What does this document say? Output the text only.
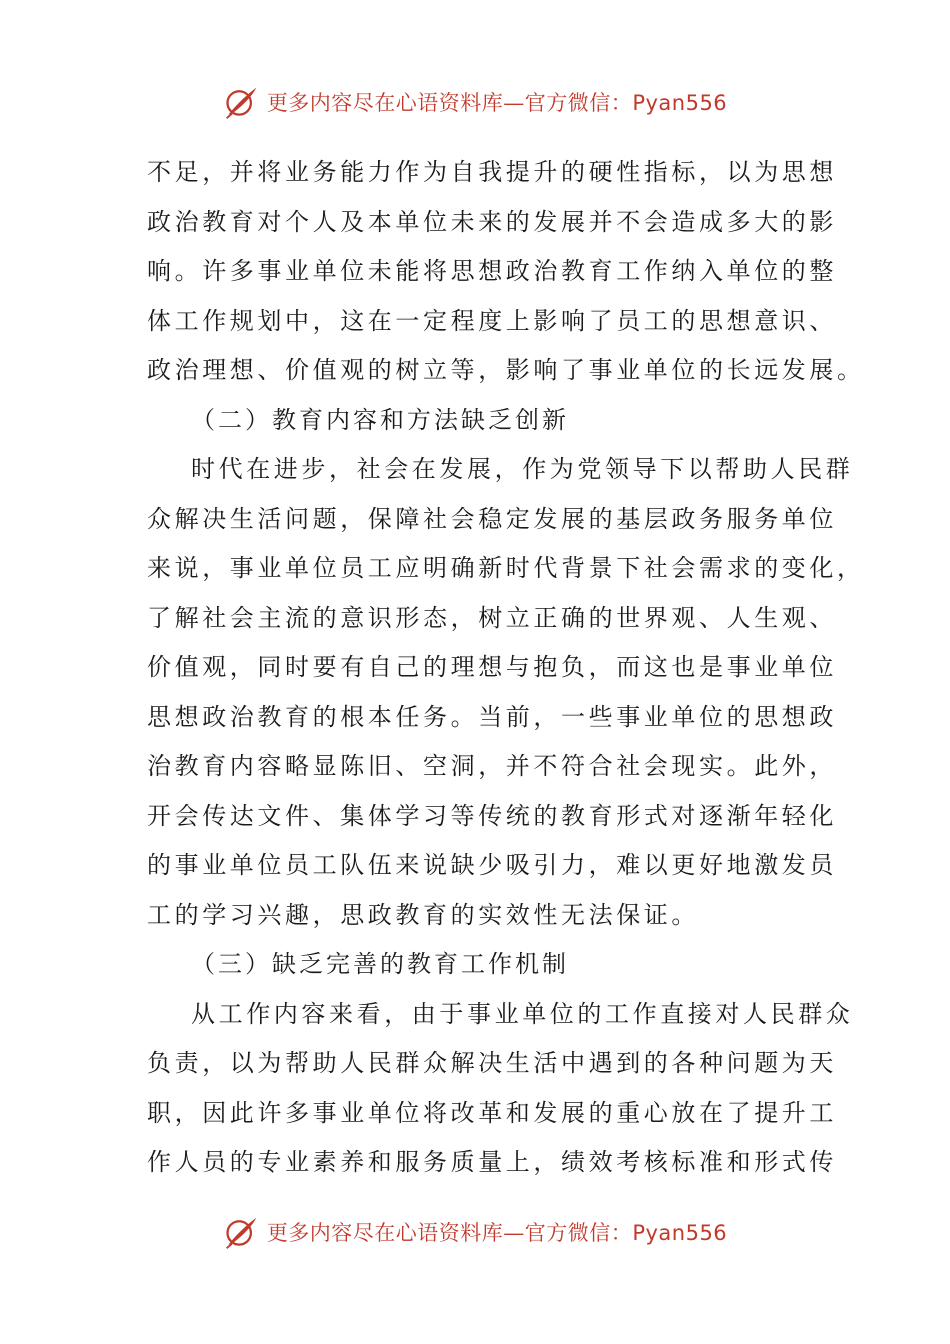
更多内容尽在心语资料库—官方微信：Pyan556
不足，并将业务能力作为自我提升的硬性指标，以为思想
政治教育对个人及本单位未来的发展并不会造成多大的影
响。许多事业单位未能将思想政治教育工作纳入单位的整
体工作规划中，这在一定程度上影响了员工的思想意识、
政治理想、价值观的树立等，影响了事业单位的长远发展。
（二）教育内容和方法缺乏创新
时代在进步，社会在发展，作为党领导下以帮助人民群
众解决生活问题，保障社会稳定发展的基层政务服务单位
来说，事业单位员工应明确新时代背景下社会需求的变化，
了解社会主流的意识形态，树立正确的世界观、人生观、
价值观，同时要有自己的理想与抱负，而这也是事业单位
思想政治教育的根本任务。当前，一些事业单位的思想政
治教育内容略显陈旧、空洞，并不符合社会现实。此外，
开会传达文件、集体学习等传统的教育形式对逐渐年轻化
的事业单位员工队伍来说缺少吸引力，难以更好地激发员
工的学习兴趣，思政教育的实效性无法保证。
（三）缺乏完善的教育工作机制
从工作内容来看，由于事业单位的工作直接对人民群众
负责，以为帮助人民群众解决生活中遇到的各种问题为天
职，因此许多事业单位将改革和发展的重心放在了提升工
作人员的专业素养和服务质量上，绩效考核标准和形式传
更多内容尽在心语资料库—官方微信：Pyan556
